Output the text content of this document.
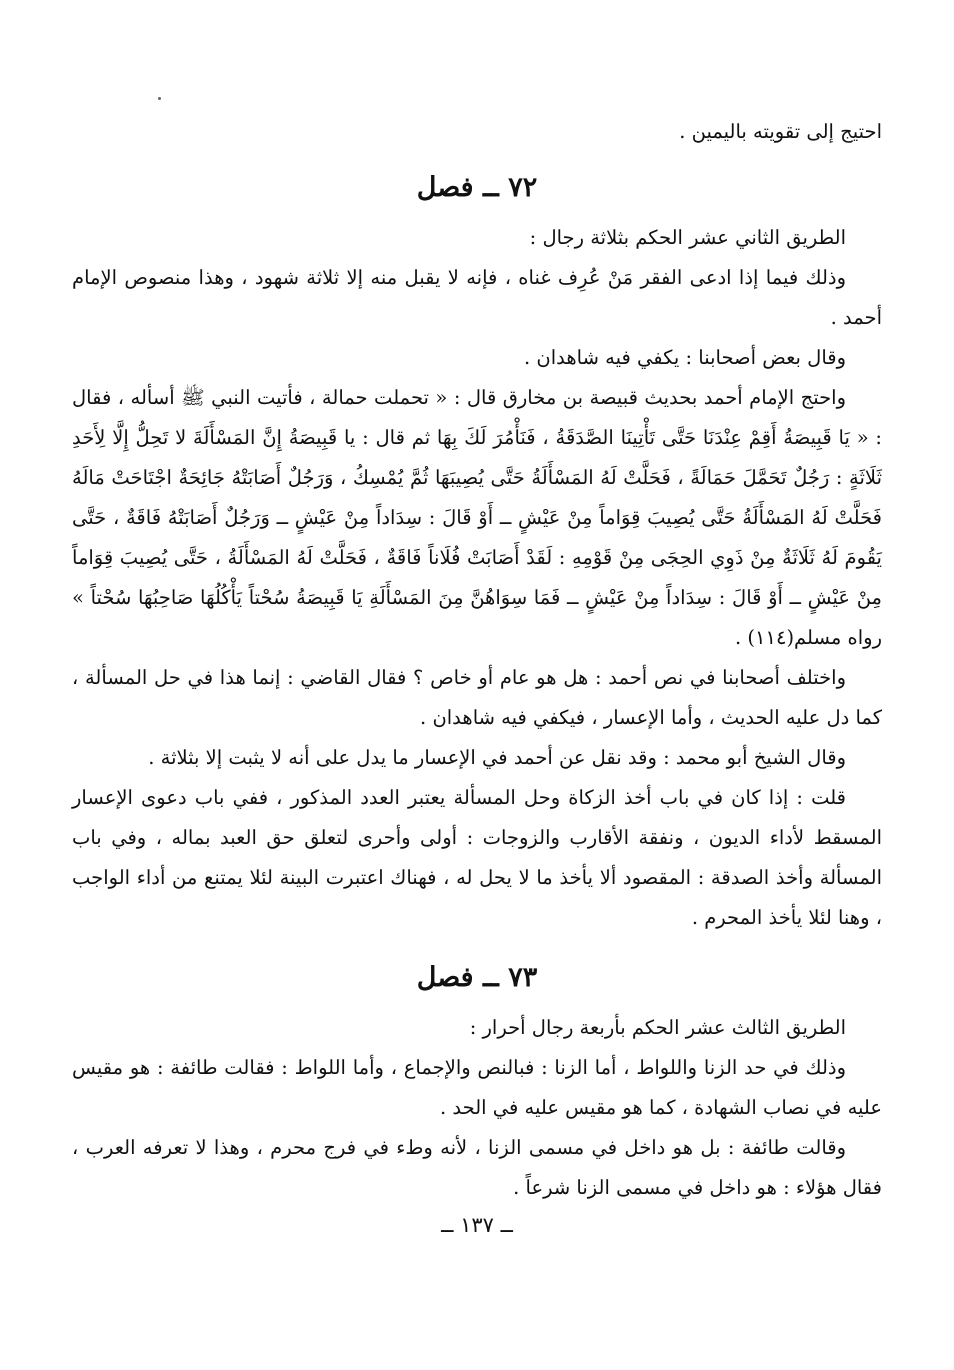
احتيج إلى تقويته باليمين .

٧٢ ــ فصل

الطريق الثاني عشر الحكم بثلاثة رجال :

وذلك فيما إذا ادعى الفقر مَنْ عُرِف غناه ، فإنه لا يقبل منه إلا ثلاثة شهود ، وهذا منصوص الإمام أحمد .

وقال بعض أصحابنا : يكفي فيه شاهدان .

واحتج الإمام أحمد بحديث قبيصة بن مخارق قال : « تحملت حمالة ، فأتيت النبي ﷺ أسأله ، فقال : « يَا قَبِيصَةُ أَقِمْ عِنْدَنَا حَتَّى تَأْتِينَا الصَّدَقَةُ ، فَنَأْمُرَ لَكَ بِهَا ثم قال : يا قَبِيصَةُ إِنَّ المَسْأَلَةَ لا تَحِلُّ إِلَّا لِأَحَدِ ثَلَاثَةٍ : رَجُلٌ تَحَمَّلَ حَمَالَةً ، فَحَلَّتْ لَهُ المَسْأَلَةُ حَتَّى يُصِيبَهَا ثُمَّ يُمْسِكُ ، وَرَجُلٌ أَصَابَتْهُ جَائِحَةٌ اجْتَاحَتْ مَالَهُ فَحَلَّتْ لَهُ المَسْأَلَةُ حَتَّى يُصِيبَ قِوَاماً مِنْ عَيْشٍ ــ أَوْ قَالَ : سِدَاداً مِنْ عَيْشٍ ــ وَرَجُلٌ أَصَابَتْهُ فَاقَةٌ ، حَتَّى يَقُومَ لَهُ ثَلَاثَةٌ مِنْ ذَوِي الحِجَى مِنْ قَوْمِهِ : لَقَدْ أَصَابَتْ فُلَاناً فَاقَةٌ ، فَحَلَّتْ لَهُ المَسْأَلَةُ ، حَتَّى يُصِيبَ قِوَاماً مِنْ عَيْشٍ ــ أَوْ قَالَ : سِدَاداً مِنْ عَيْشٍ ــ فَمَا سِوَاهُنَّ مِنَ المَسْأَلَةِ يَا قَبِيصَةُ سُحْتاً يَأْكُلُهَا صَاحِبُهَا سُحْتاً » رواه مسلم(١١٤) .

واختلف أصحابنا في نص أحمد : هل هو عام أو خاص ؟ فقال القاضي : إنما هذا في حل المسألة ، كما دل عليه الحديث ، وأما الإعسار ، فيكفي فيه شاهدان .

وقال الشيخ أبو محمد : وقد نقل عن أحمد في الإعسار ما يدل على أنه لا يثبت إلا بثلاثة .

قلت : إذا كان في باب أخذ الزكاة وحل المسألة يعتبر العدد المذكور ، ففي باب دعوى الإعسار المسقط لأداء الديون ، ونفقة الأقارب والزوجات : أولى وأحرى لتعلق حق العبد بماله ، وفي باب المسألة وأخذ الصدقة : المقصود ألا يأخذ ما لا يحل له ، فهناك اعتبرت البينة لئلا يمتنع من أداء الواجب ، وهنا لئلا يأخذ المحرم .

٧٣ ــ فصل

الطريق الثالث عشر الحكم بأربعة رجال أحرار :

وذلك في حد الزنا واللواط ، أما الزنا : فبالنص والإجماع ، وأما اللواط : فقالت طائفة : هو مقيس عليه في نصاب الشهادة ، كما هو مقيس عليه في الحد .

وقالت طائفة : بل هو داخل في مسمى الزنا ، لأنه وطء في فرج محرم ، وهذا لا تعرفه العرب ، فقال هؤلاء : هو داخل في مسمى الزنا شرعاً .

ــ ١٣٧ ــ
